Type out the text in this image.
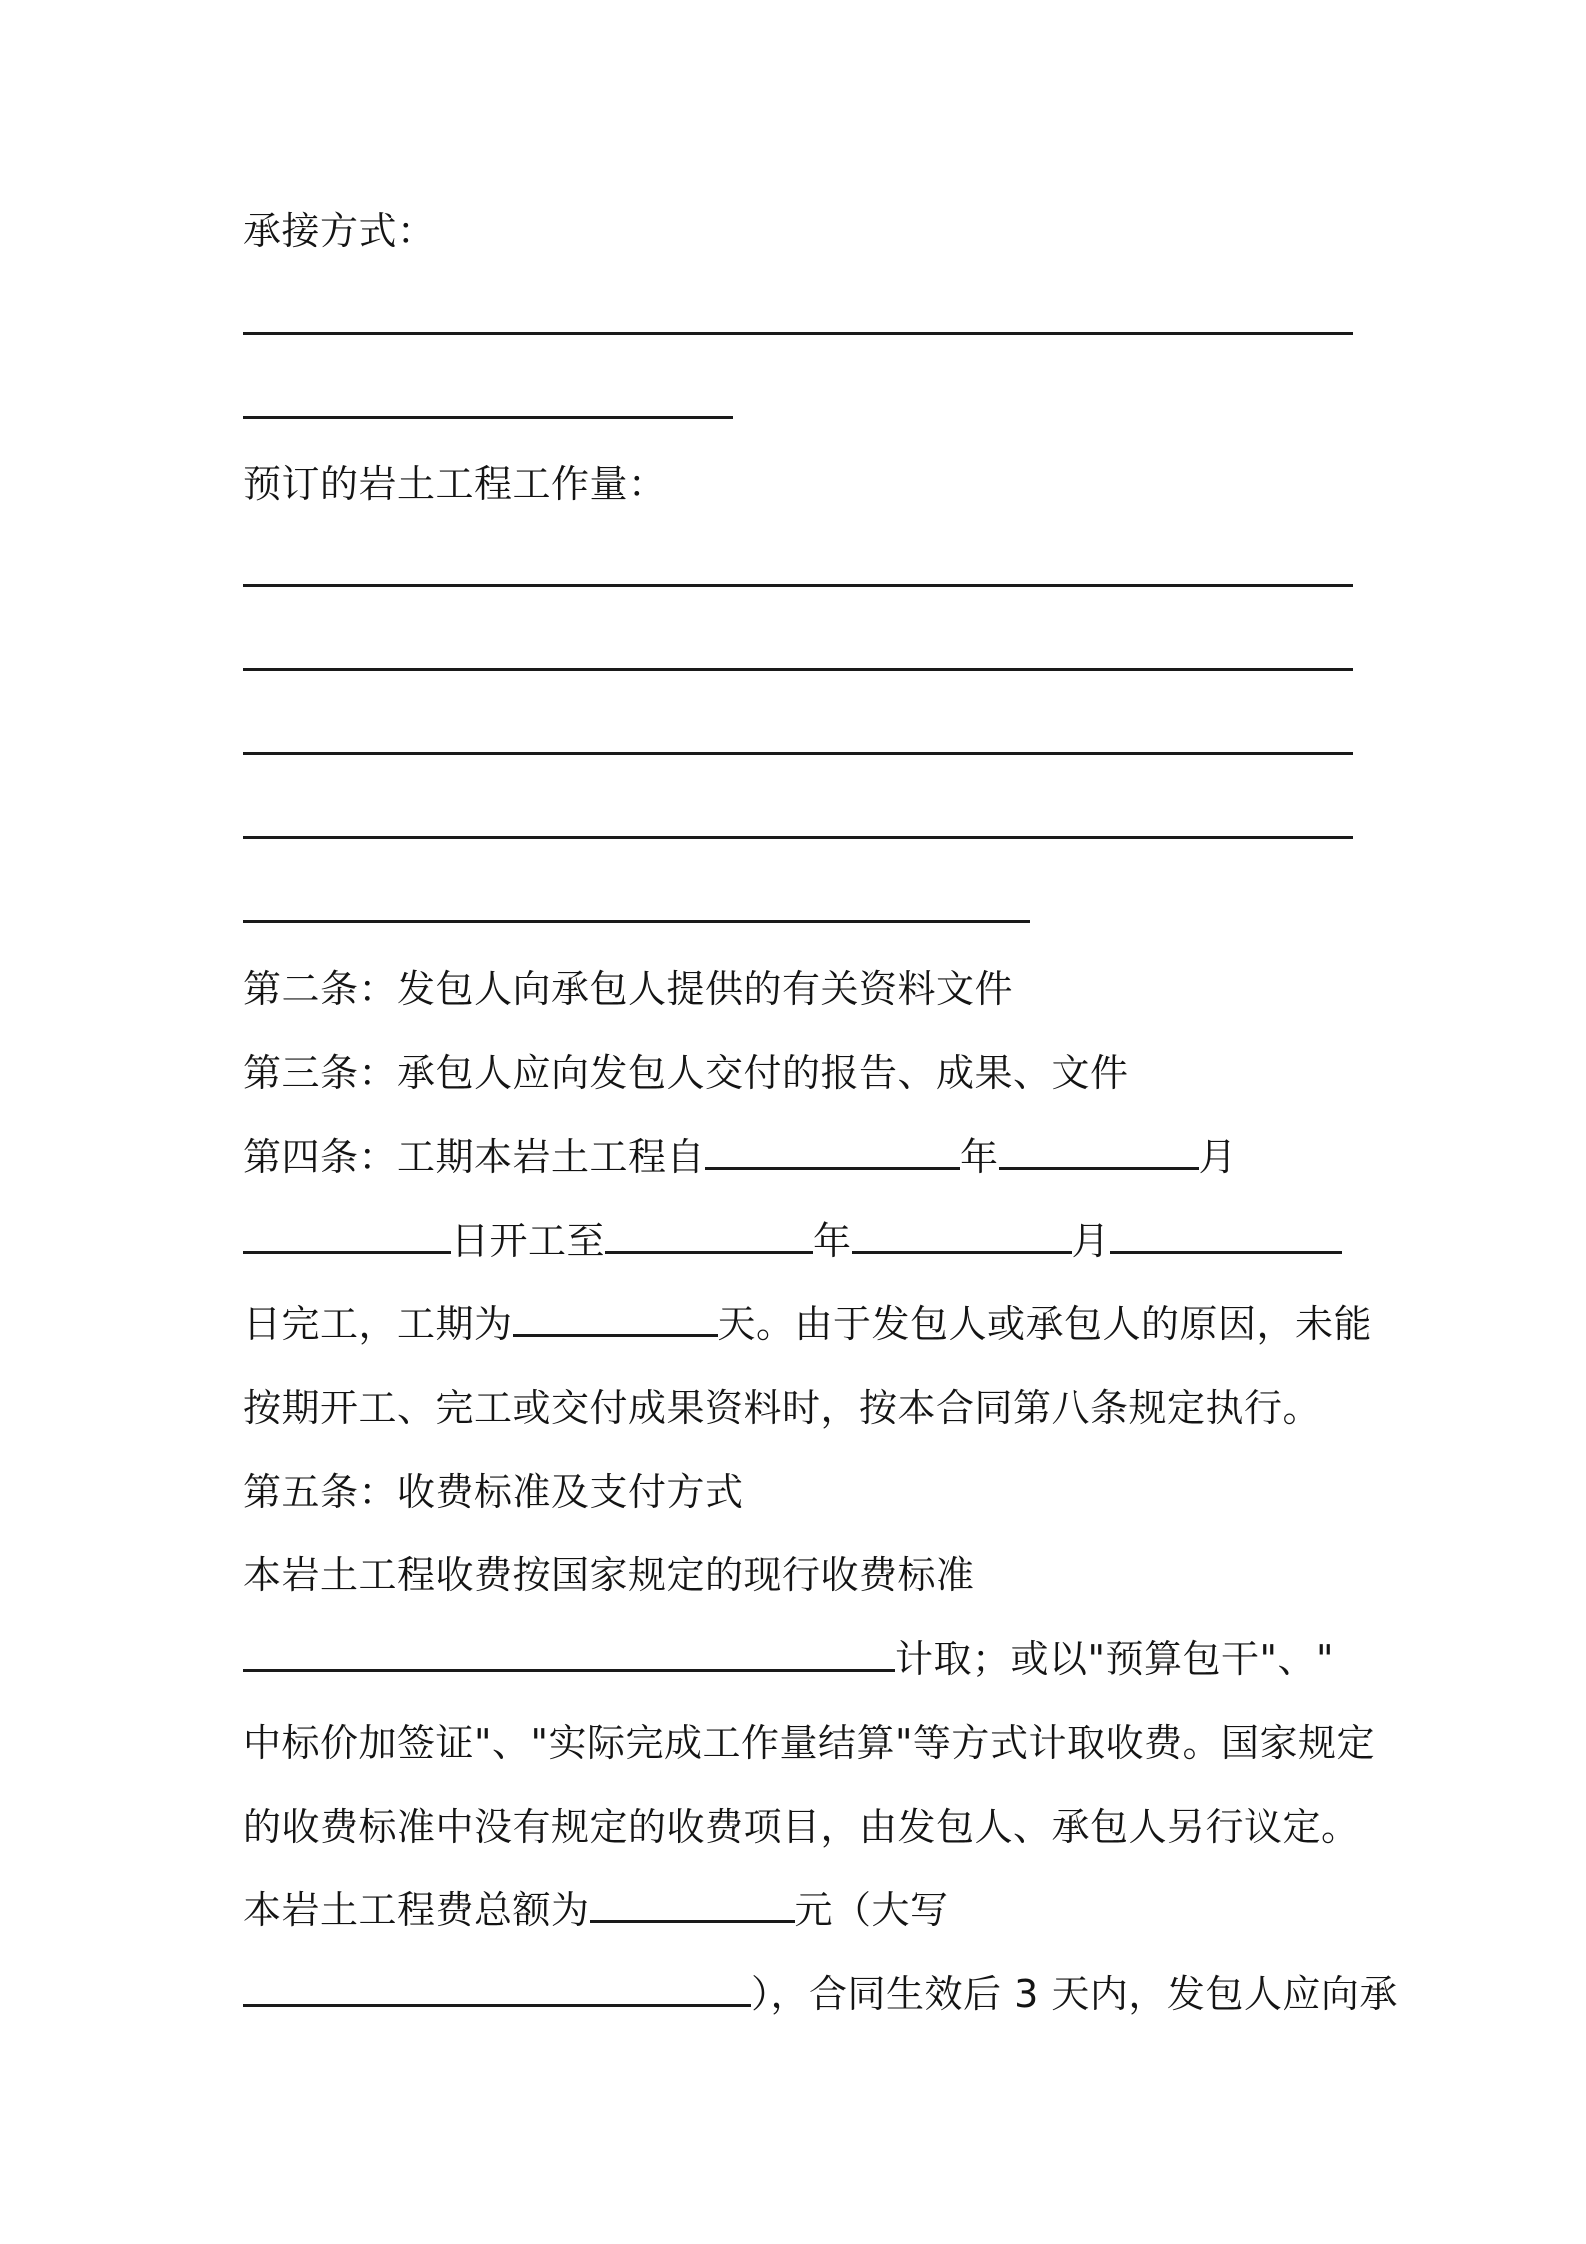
承接方式：
预订的岩土工程工作量：
第二条：发包人向承包人提供的有关资料文件
第三条：承包人应向发包人交付的报告、成果、文件
第四条：工期本岩土工程自	年	月
日开工至	年	月
日完工，工期为	天。由于发包人或承包人的原因，未能
按期开工、完工或交付成果资料时，按本合同第八条规定执行。
第五条：收费标准及支付方式
本岩土工程收费按国家规定的现行收费标准
计取；或以"预算包干"、"
中标价加签证"、"实际完成工作量结算"等方式计取收费。国家规定
的收费标准中没有规定的收费项目，由发包人、承包人另行议定。
本岩土工程费总额为	元（大写
），合同生效后 3 天内，发包人应向承
